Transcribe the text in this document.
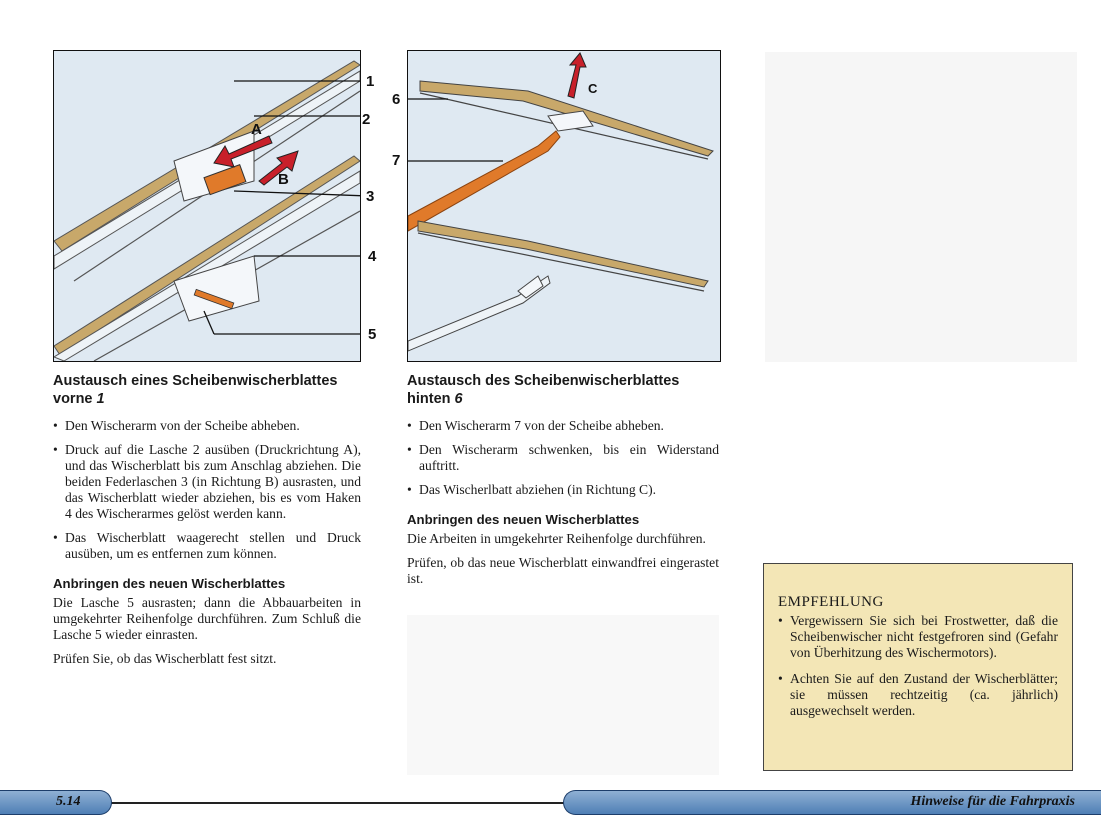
A
B
1
2
3
4
5
C
6
7
Austausch eines Scheibenwischerblattes vorne 1
• Den Wischerarm von der Scheibe abheben.
• Druck auf die Lasche 2 ausüben (Druckrichtung A), und das Wischerblatt bis zum Anschlag abziehen. Die beiden Federlaschen 3 (in Richtung B) ausrasten, und das Wischerblatt wieder abziehen, bis es vom Haken 4 des Wischerarmes gelöst werden kann.
• Das Wischerblatt waagerecht stellen und Druck ausüben, um es entfernen zum können.
Anbringen des neuen Wischerblattes

Die Lasche 5 ausrasten; dann die Abbauarbeiten in umgekehrter Reihenfolge durchführen. Zum Schluß die Lasche 5 wieder einrasten.

Prüfen Sie, ob das Wischerblatt fest sitzt.

Austausch des Scheibenwischerblattes hinten 6
• Den Wischerarm 7 von der Scheibe abheben.
• Den Wischerarm schwenken, bis ein Widerstand auftritt.
• Das Wischerlbatt abziehen (in Richtung C).
Anbringen des neuen Wischerblattes

Die Arbeiten in umgekehrter Reihenfolge durchführen.

Prüfen, ob das neue Wischerblatt einwandfrei eingerastet ist.

EMPFEHLUNG
• Vergewissern Sie sich bei Frostwetter, daß die Scheibenwischer nicht festgefroren sind (Gefahr von Überhitzung des Wischermotors).
• Achten Sie auf den Zustand der Wischerblätter; sie müssen rechtzeitig (ca. jährlich) ausgewechselt werden.
5.14	Hinweise für die Fahrpraxis
